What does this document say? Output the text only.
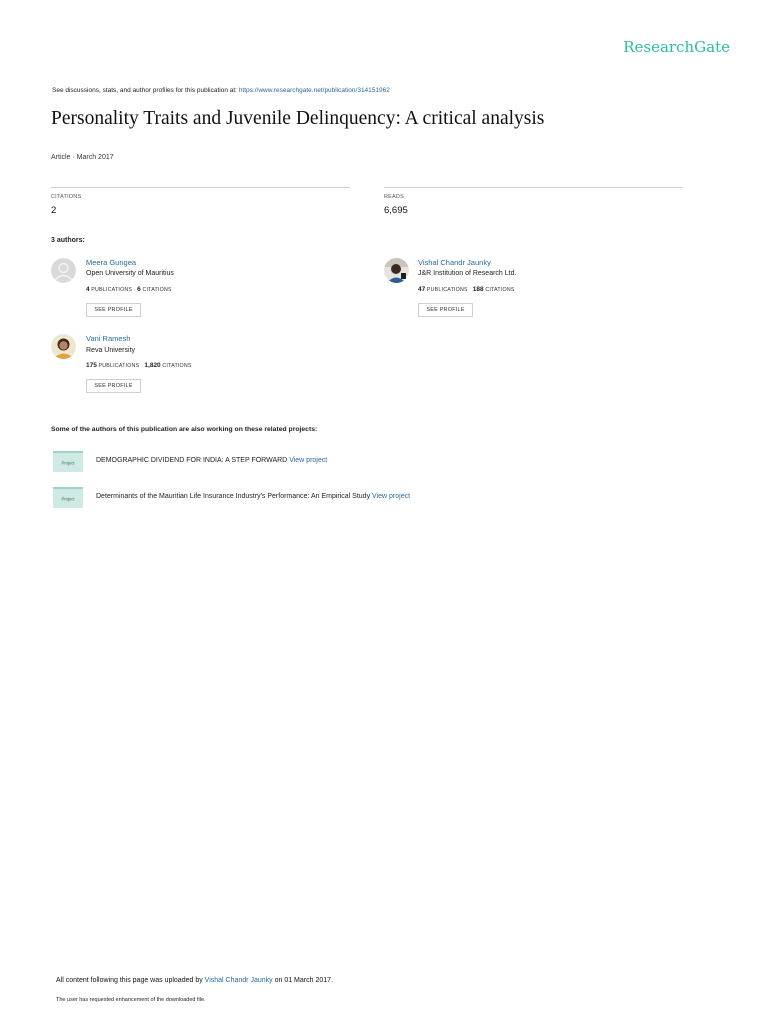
ResearchGate
See discussions, stats, and author profiles for this publication at: https://www.researchgate.net/publication/314151962
Personality Traits and Juvenile Delinquency: A critical analysis
Article · March 2017
CITATIONS
2
READS
6,695
3 authors:
Meera Gungea
Open University of Mauritius
4 PUBLICATIONS 6 CITATIONS
SEE PROFILE
Vishal Chandr Jaunky
J&R Institution of Research Ltd.
47 PUBLICATIONS 188 CITATIONS
SEE PROFILE
Vani Ramesh
Reva University
175 PUBLICATIONS 1,820 CITATIONS
SEE PROFILE
Some of the authors of this publication are also working on these related projects:
Project	DEMOGRAPHIC DIVIDEND FOR INDIA: A STEP FORWARD View project
Project	Determinants of the Mauritian Life Insurance Industry's Performance: An Empirical Study View project
All content following this page was uploaded by Vishal Chandr Jaunky on 01 March 2017.
The user has requested enhancement of the downloaded file.
